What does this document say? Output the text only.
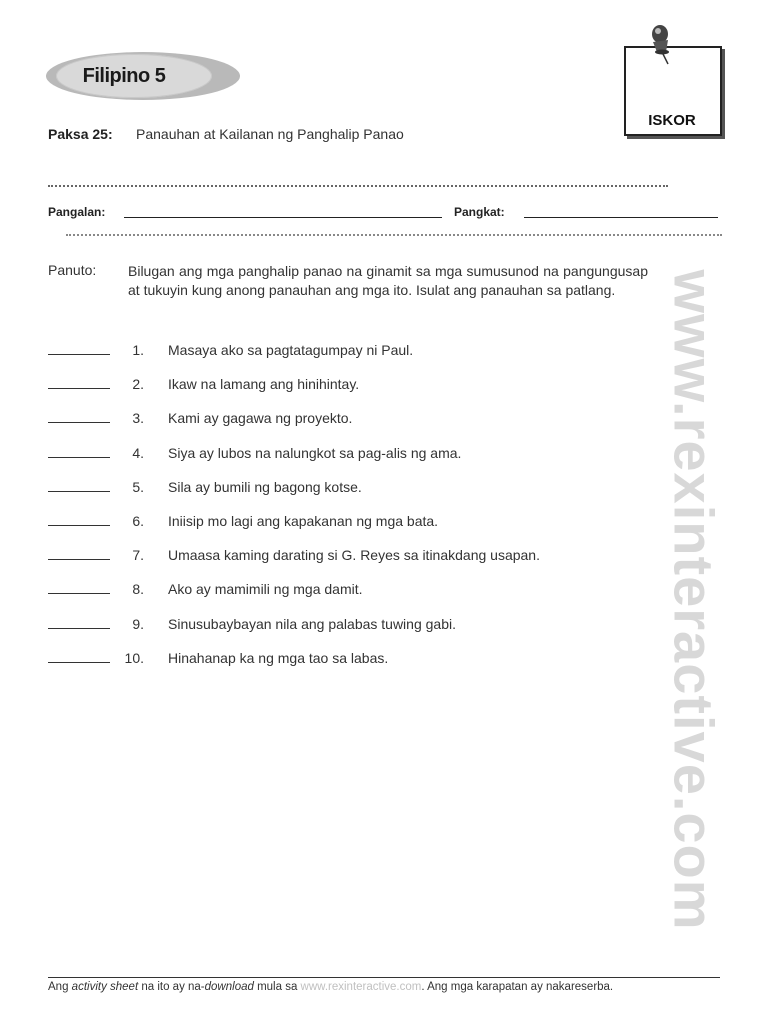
Filipino 5
ISKOR
Paksa 25: Panauhan at Kailanan ng Panghalip Panao
Pangalan:	Pangkat:
Panuto: Bilugan ang mga panghalip panao na ginamit sa mga sumusunod na pangungusap at tukuyin kung anong panauhan ang mga ito. Isulat ang panauhan sa patlang.
1. Masaya ako sa pagtatagumpay ni Paul.
2. Ikaw na lamang ang hinihintay.
3. Kami ay gagawa ng proyekto.
4. Siya ay lubos na nalungkot sa pag-alis ng ama.
5. Sila ay bumili ng bagong kotse.
6. Iniisip mo lagi ang kapakanan ng mga bata.
7. Umaasa kaming darating si G. Reyes sa itinakdang usapan.
8. Ako ay mamimili ng mga damit.
9. Sinusubaybayan nila ang palabas tuwing gabi.
10. Hinahanap ka ng mga tao sa labas.	www.rexinteractive.com
Ang activity sheet na ito ay na-download mula sa www.rexinteractive.com. Ang mga karapatan ay nakareserba.
